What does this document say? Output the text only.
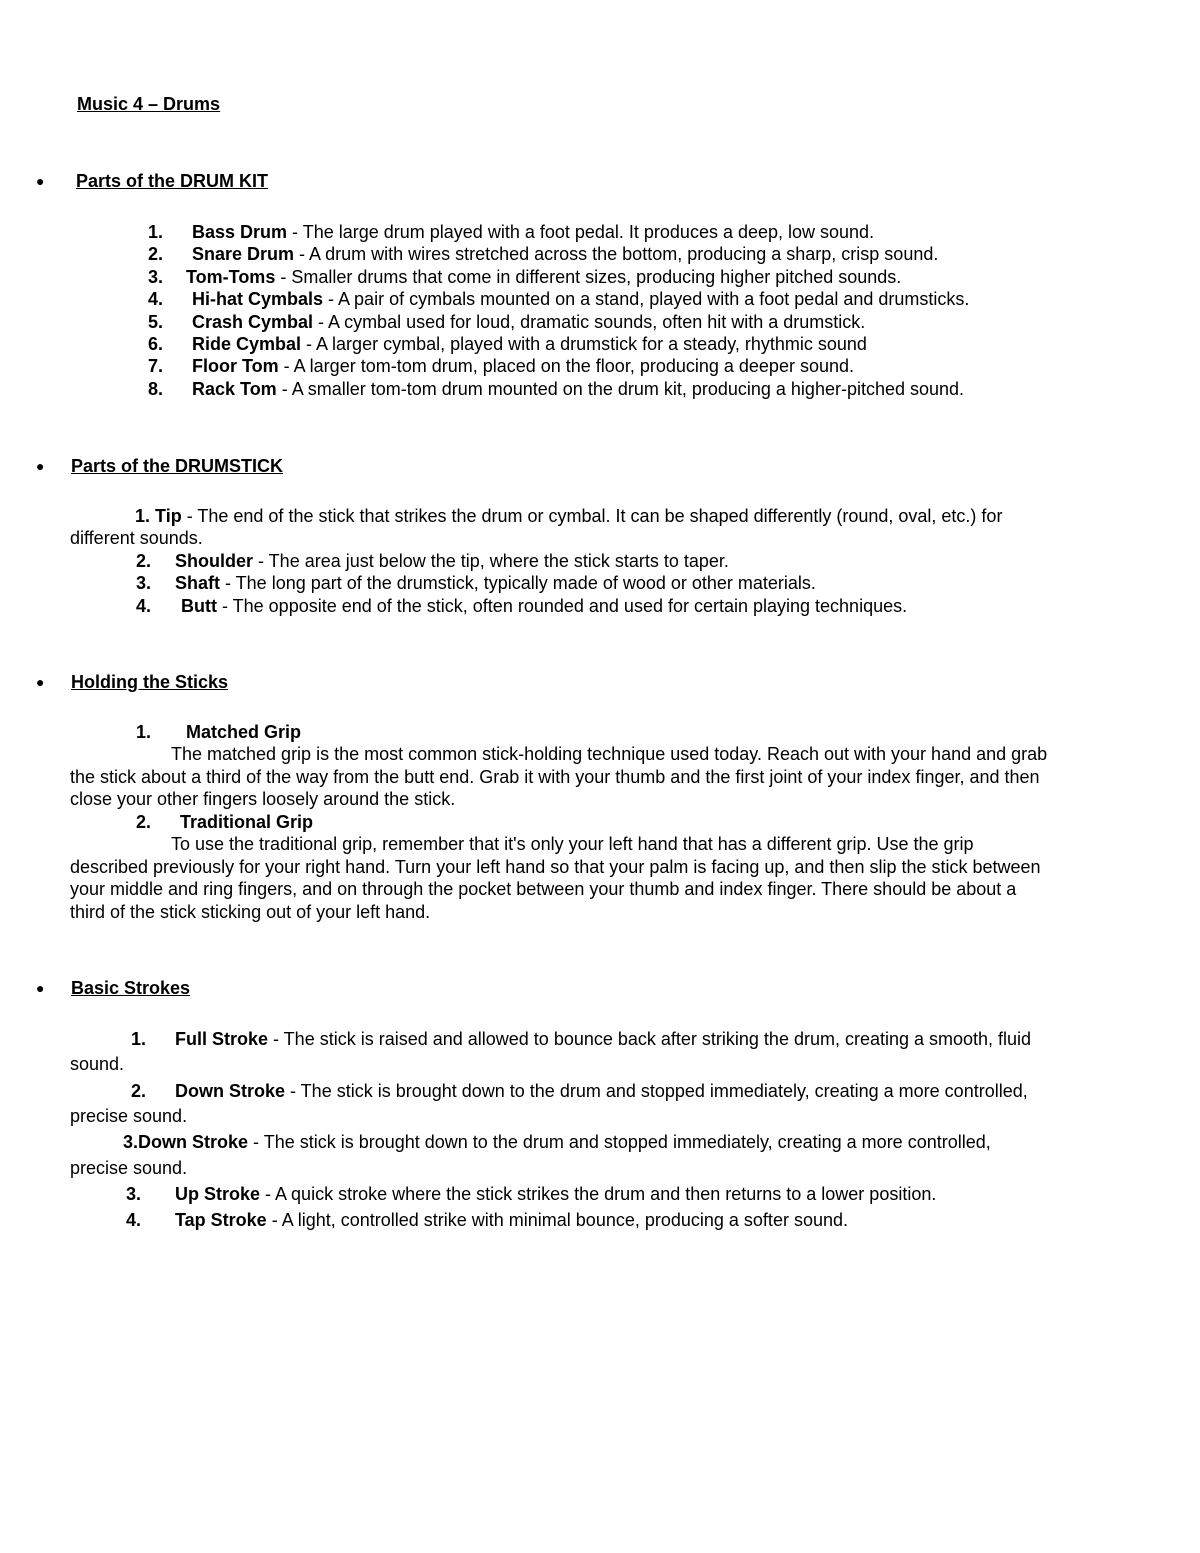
Music 4 – Drums
● Parts of the DRUM KIT
1. Bass Drum - The large drum played with a foot pedal. It produces a deep, low sound.
2. Snare Drum - A drum with wires stretched across the bottom, producing a sharp, crisp sound.
3. Tom-Toms - Smaller drums that come in different sizes, producing higher pitched sounds.
4. Hi-hat Cymbals - A pair of cymbals mounted on a stand, played with a foot pedal and drumsticks.
5. Crash Cymbal - A cymbal used for loud, dramatic sounds, often hit with a drumstick.
6. Ride Cymbal - A larger cymbal, played with a drumstick for a steady, rhythmic sound
7. Floor Tom - A larger tom-tom drum, placed on the floor, producing a deeper sound.
8. Rack Tom - A smaller tom-tom drum mounted on the drum kit, producing a higher-pitched sound.
● Parts of the DRUMSTICK
1. Tip - The end of the stick that strikes the drum or cymbal. It can be shaped differently (round, oval, etc.) for
different sounds.
2. Shoulder - The area just below the tip, where the stick starts to taper.
3. Shaft - The long part of the drumstick, typically made of wood or other materials.
4. Butt - The opposite end of the stick, often rounded and used for certain playing techniques.
● Holding the Sticks
1. Matched Grip
The matched grip is the most common stick-holding technique used today. Reach out with your hand and grab
the stick about a third of the way from the butt end. Grab it with your thumb and the first joint of your index finger, and then
close your other fingers loosely around the stick.
2. Traditional Grip
To use the traditional grip, remember that it's only your left hand that has a different grip. Use the grip
described previously for your right hand. Turn your left hand so that your palm is facing up, and then slip the stick between
your middle and ring fingers, and on through the pocket between your thumb and index finger. There should be about a
third of the stick sticking out of your left hand.
● Basic Strokes
1. Full Stroke - The stick is raised and allowed to bounce back after striking the drum, creating a smooth, fluid
sound.
2. Down Stroke - The stick is brought down to the drum and stopped immediately, creating a more controlled,
precise sound.
3.Down Stroke - The stick is brought down to the drum and stopped immediately, creating a more controlled,
precise sound.
3. Up Stroke - A quick stroke where the stick strikes the drum and then returns to a lower position.
4. Tap Stroke - A light, controlled strike with minimal bounce, producing a softer sound.
